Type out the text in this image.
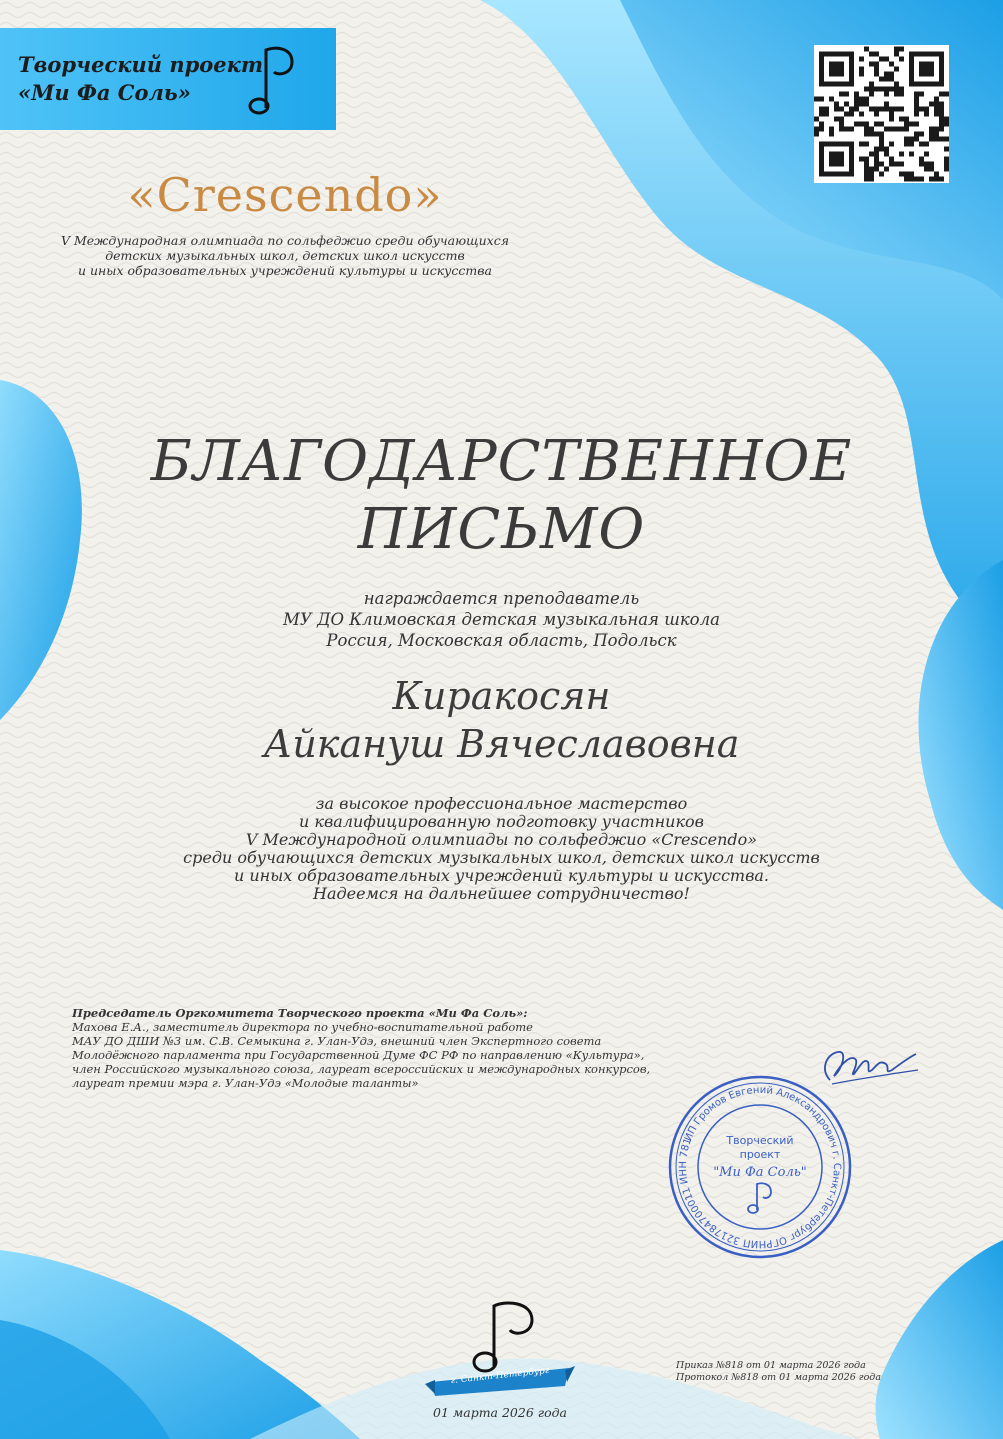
Творческий проект
«Ми Фа Соль»
«Crescendo»
V Международная олимпиада по сольфеджио среди обучающихся
детских музыкальных школ, детских школ искусств
и иных образовательных учреждений культуры и искусства
БЛАГОДАРСТВЕННОЕ
ПИСЬМО
награждается преподаватель
МУ ДО Климовская детская музыкальная школа
Россия, Московская область, Подольск
Киракосян
Айкануш Вячеславовна
за высокое профессиональное мастерство
и квалифицированную подготовку участников
V Международной олимпиады по сольфеджио «Crescendo»
среди обучающихся детских музыкальных школ, детских школ искусств
и иных образовательных учреждений культуры и искусства.
Надеемся на дальнейшее сотрудничество!
Председатель Оргкомитета Творческого проекта «Ми Фа Соль»:
Махова Е.А., заместитель директора по учебно-воспитательной работе
МАУ ДО ДШИ №3 им. С.В. Семыкина г. Улан-Удэ, внешний член Экспертного совета
Молодёжного парламента при Государственной Думе ФС РФ по направлению «Культура»,
член Российского музыкального союза, лауреат всероссийских и международных конкурсов,
лауреат премии мэра г. Улан-Удэ «Молодые таланты»
ИП Громов Евгений Александрович г. Санкт-Петербург ОГРНИП 321784700011 ИНН 781296697196
Творческий
проект
"Ми Фа Соль"
г. Санкт-Петербург
01 марта 2026 года
Приказ №818 от 01 марта 2026 года
Протокол №818 от 01 марта 2026 года
